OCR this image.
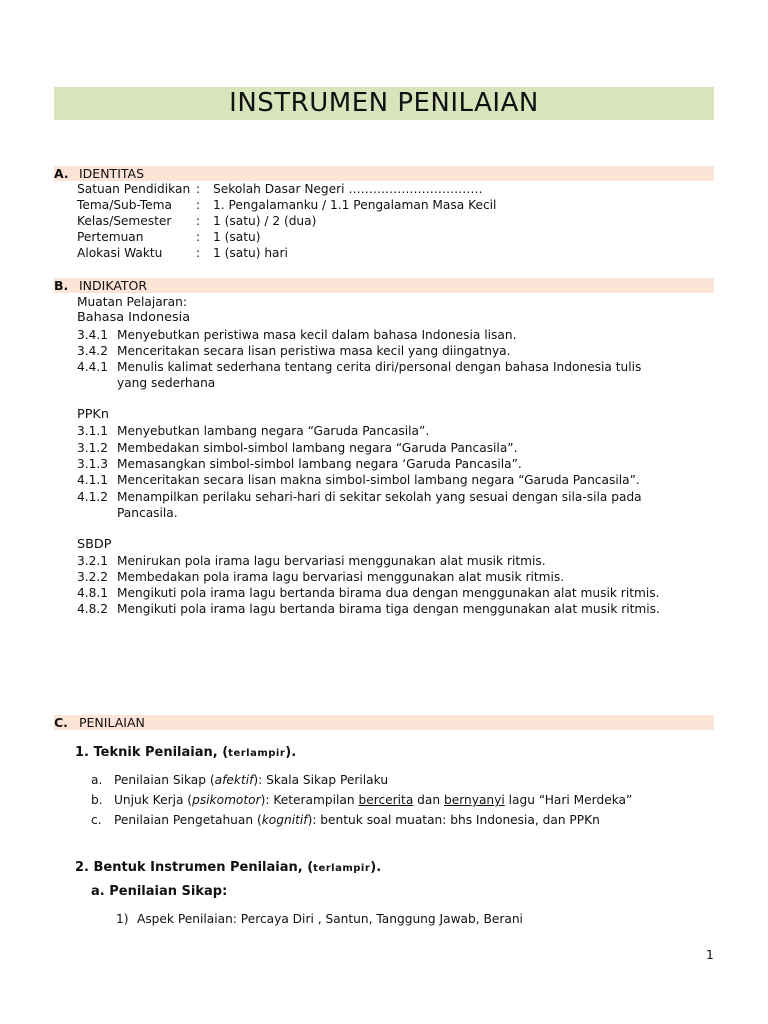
INSTRUMEN PENILAIAN
A. IDENTITAS
Satuan Pendidikan : Sekolah Dasar Negeri ……………………………
Tema/Sub-Tema : 1. Pengalamanku / 1.1 Pengalaman Masa Kecil
Kelas/Semester : 1 (satu) / 2 (dua)
Pertemuan	: 1 (satu)
Alokasi Waktu	: 1 (satu) hari
B. INDIKATOR
Muatan Pelajaran:
Bahasa Indonesia
3.4.1 Menyebutkan peristiwa masa kecil dalam bahasa Indonesia lisan.
3.4.2 Menceritakan secara lisan peristiwa masa kecil yang diingatnya.
4.4.1 Menulis kalimat sederhana tentang cerita diri/personal dengan bahasa Indonesia tulis
yang sederhana
PPKn
3.1.1 Menyebutkan lambang negara “Garuda Pancasila”.
3.1.2 Membedakan simbol-simbol lambang negara “Garuda Pancasila”.
3.1.3 Memasangkan simbol-simbol lambang negara ‘Garuda Pancasila”.
4.1.1 Menceritakan secara lisan makna simbol-simbol lambang negara “Garuda Pancasila”.
4.1.2 Menampilkan perilaku sehari-hari di sekitar sekolah yang sesuai dengan sila-sila pada
Pancasila.
SBDP
3.2.1 Menirukan pola irama lagu bervariasi menggunakan alat musik ritmis.
3.2.2 Membedakan pola irama lagu bervariasi menggunakan alat musik ritmis.
4.8.1 Mengikuti pola irama lagu bertanda birama dua dengan menggunakan alat musik ritmis.
4.8.2 Mengikuti pola irama lagu bertanda birama tiga dengan menggunakan alat musik ritmis.
C. PENILAIAN
1. Teknik Penilaian, (terlampir).
a. Penilaian Sikap (afektif): Skala Sikap Perilaku
b. Unjuk Kerja (psikomotor): Keterampilan bercerita dan bernyanyi lagu “Hari Merdeka”
c. Penilaian Pengetahuan (kognitif): bentuk soal muatan: bhs Indonesia, dan PPKn
2. Bentuk Instrumen Penilaian, (terlampir).
a. Penilaian Sikap:
1) Aspek Penilaian: Percaya Diri , Santun, Tanggung Jawab, Berani
1
